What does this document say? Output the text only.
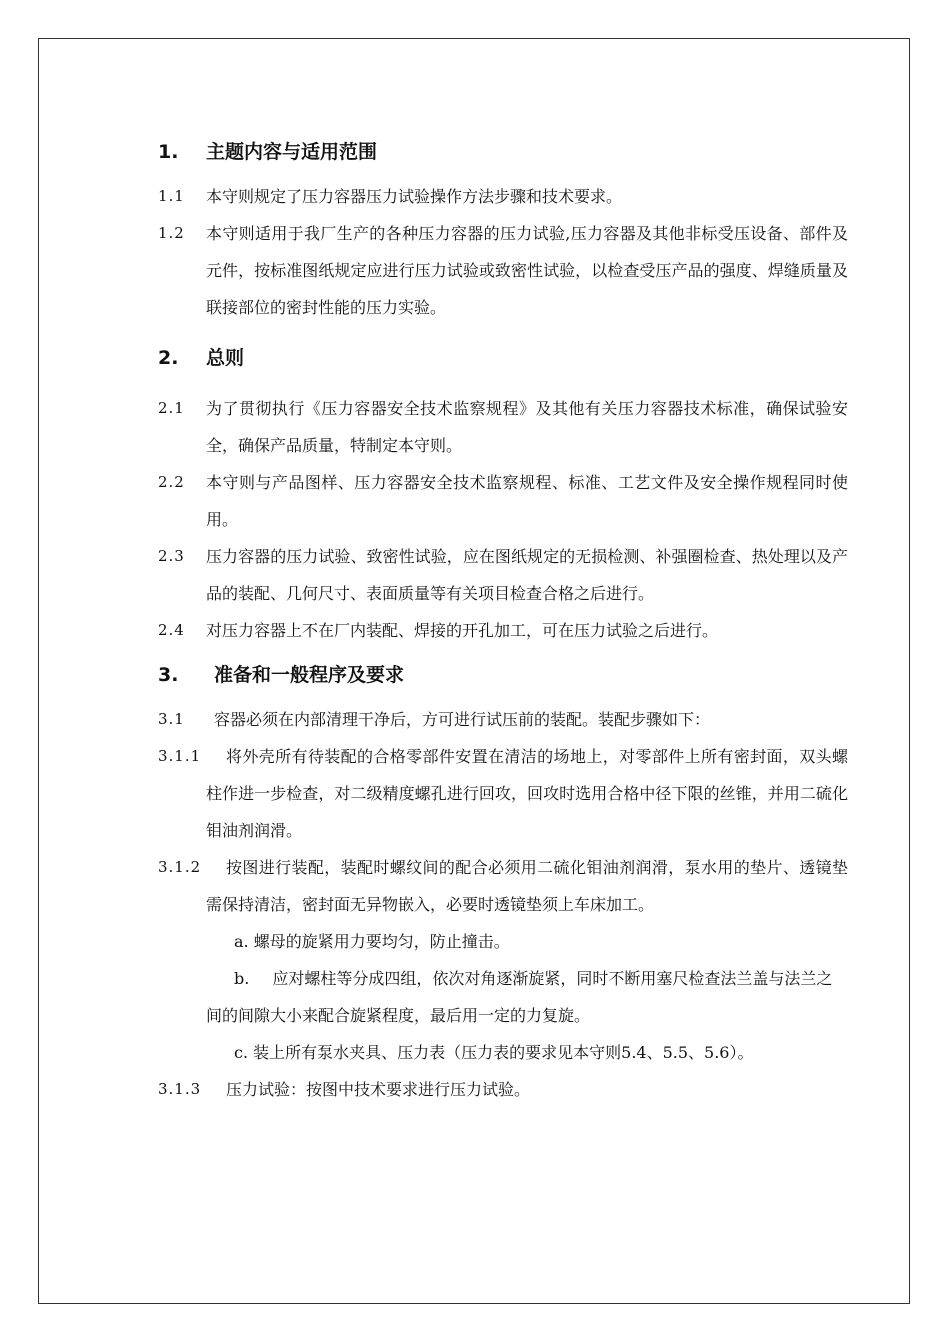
1.	主题内容与适用范围
1.1 本守则规定了压力容器压力试验操作方法步骤和技术要求。
1.2 本守则适用于我厂生产的各种压力容器的压力试验,压力容器及其他非标受压设备、部件及元件，按标准图纸规定应进行压力试验或致密性试验，以检查受压产品的强度、焊缝质量及联接部位的密封性能的压力实验。
2.	总则
2.1 为了贯彻执行《压力容器安全技术监察规程》及其他有关压力容器技术标准，确保试验安全，确保产品质量，特制定本守则。
2.2 本守则与产品图样、压力容器安全技术监察规程、标准、工艺文件及安全操作规程同时使用。
2.3 压力容器的压力试验、致密性试验，应在图纸规定的无损检测、补强圈检查、热处理以及产品的装配、几何尺寸、表面质量等有关项目检查合格之后进行。
2.4 对压力容器上不在厂内装配、焊接的开孔加工，可在压力试验之后进行。
3.	准备和一般程序及要求
3.1 容器必须在内部清理干净后，方可进行试压前的装配。装配步骤如下：
3.1.1 将外壳所有待装配的合格零部件安置在清洁的场地上，对零部件上所有密封面，双头螺柱作进一步检查，对二级精度螺孔进行回攻，回攻时选用合格中径下限的丝锥，并用二硫化钼油剂润滑。
3.1.2 按图进行装配，装配时螺纹间的配合必须用二硫化钼油剂润滑，泵水用的垫片、透镜垫需保持清洁，密封面无异物嵌入，必要时透镜垫须上车床加工。
a. 螺母的旋紧用力要均匀，防止撞击。
b. 应对螺柱等分成四组，依次对角逐渐旋紧，同时不断用塞尺检查法兰盖与法兰之间的间隙大小来配合旋紧程度，最后用一定的力复旋。
c. 装上所有泵水夹具、压力表（压力表的要求见本守则5.4、5.5、5.6）。
3.1.3 压力试验：按图中技术要求进行压力试验。
